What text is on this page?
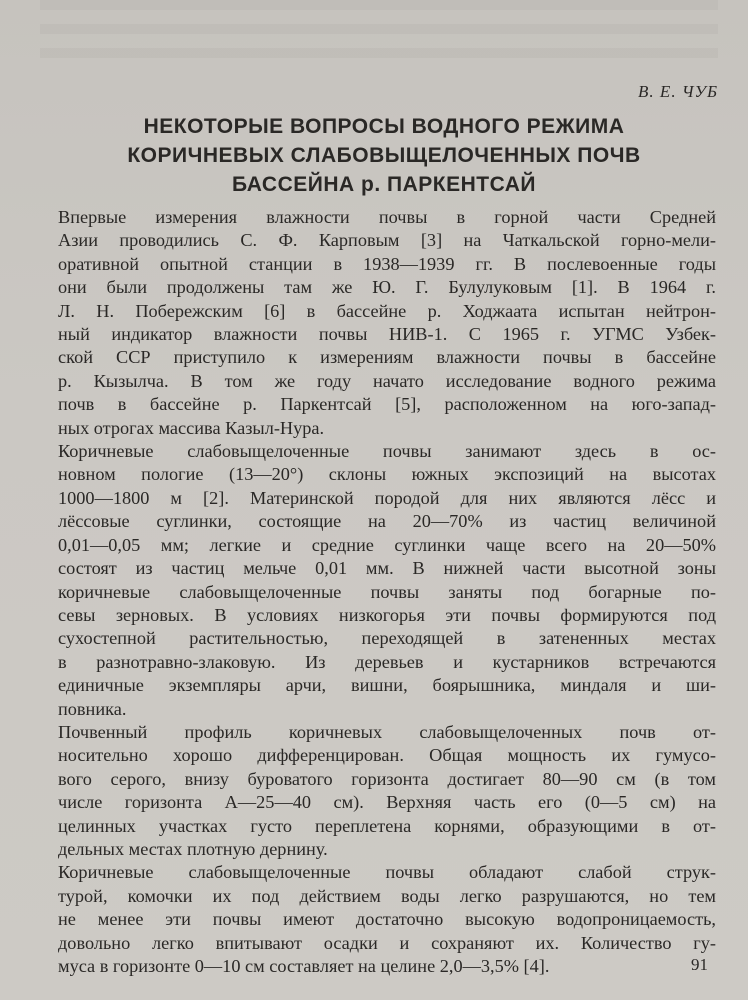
В. Е. ЧУБ
НЕКОТОРЫЕ ВОПРОСЫ ВОДНОГО РЕЖИМА
КОРИЧНЕВЫХ СЛАБОВЫЩЕЛОЧЕННЫХ ПОЧВ
БАССЕЙНА р. ПАРКЕНТСАЙ
Впервые измерения влажности почвы в горной части Средней
Азии проводились С. Ф. Карповым [3] на Чаткальской горно-мели-
оративной опытной станции в 1938—1939 гг. В послевоенные годы
они были продолжены там же Ю. Г. Булулуковым [1]. В 1964 г.
Л. Н. Побережским [6] в бассейне р. Ходжаата испытан нейтрон-
ный индикатор влажности почвы НИВ-1. С 1965 г. УГМС Узбек-
ской ССР приступило к измерениям влажности почвы в бассейне
р. Кызылча. В том же году начато исследование водного режима
почв в бассейне р. Паркентсай [5], расположенном на юго-запад-
ных отрогах массива Казыл-Нура.
Коричневые слабовыщелоченные почвы занимают здесь в ос-
новном пологие (13—20°) склоны южных экспозиций на высотах
1000—1800 м [2]. Материнской породой для них являются лёсс и
лёссовые суглинки, состоящие на 20—70% из частиц величиной
0,01—0,05 мм; легкие и средние суглинки чаще всего на 20—50%
состоят из частиц мельче 0,01 мм. В нижней части высотной зоны
коричневые слабовыщелоченные почвы заняты под богарные по-
севы зерновых. В условиях низкогорья эти почвы формируются под
сухостепной растительностью, переходящей в затененных местах
в разнотравно-злаковую. Из деревьев и кустарников встречаются
единичные экземпляры арчи, вишни, боярышника, миндаля и ши-
повника.
Почвенный профиль коричневых слабовыщелоченных почв от-
носительно хорошо дифференцирован. Общая мощность их гумусо-
вого серого, внизу буроватого горизонта достигает 80—90 см (в том
числе горизонта А—25—40 см). Верхняя часть его (0—5 см) на
целинных участках густо переплетена корнями, образующими в от-
дельных местах плотную дернину.
Коричневые слабовыщелоченные почвы обладают слабой струк-
турой, комочки их под действием воды легко разрушаются, но тем
не менее эти почвы имеют достаточно высокую водопроницаемость,
довольно легко впитывают осадки и сохраняют их. Количество гу-
муса в горизонте 0—10 см составляет на целине 2,0—3,5% [4].	91
